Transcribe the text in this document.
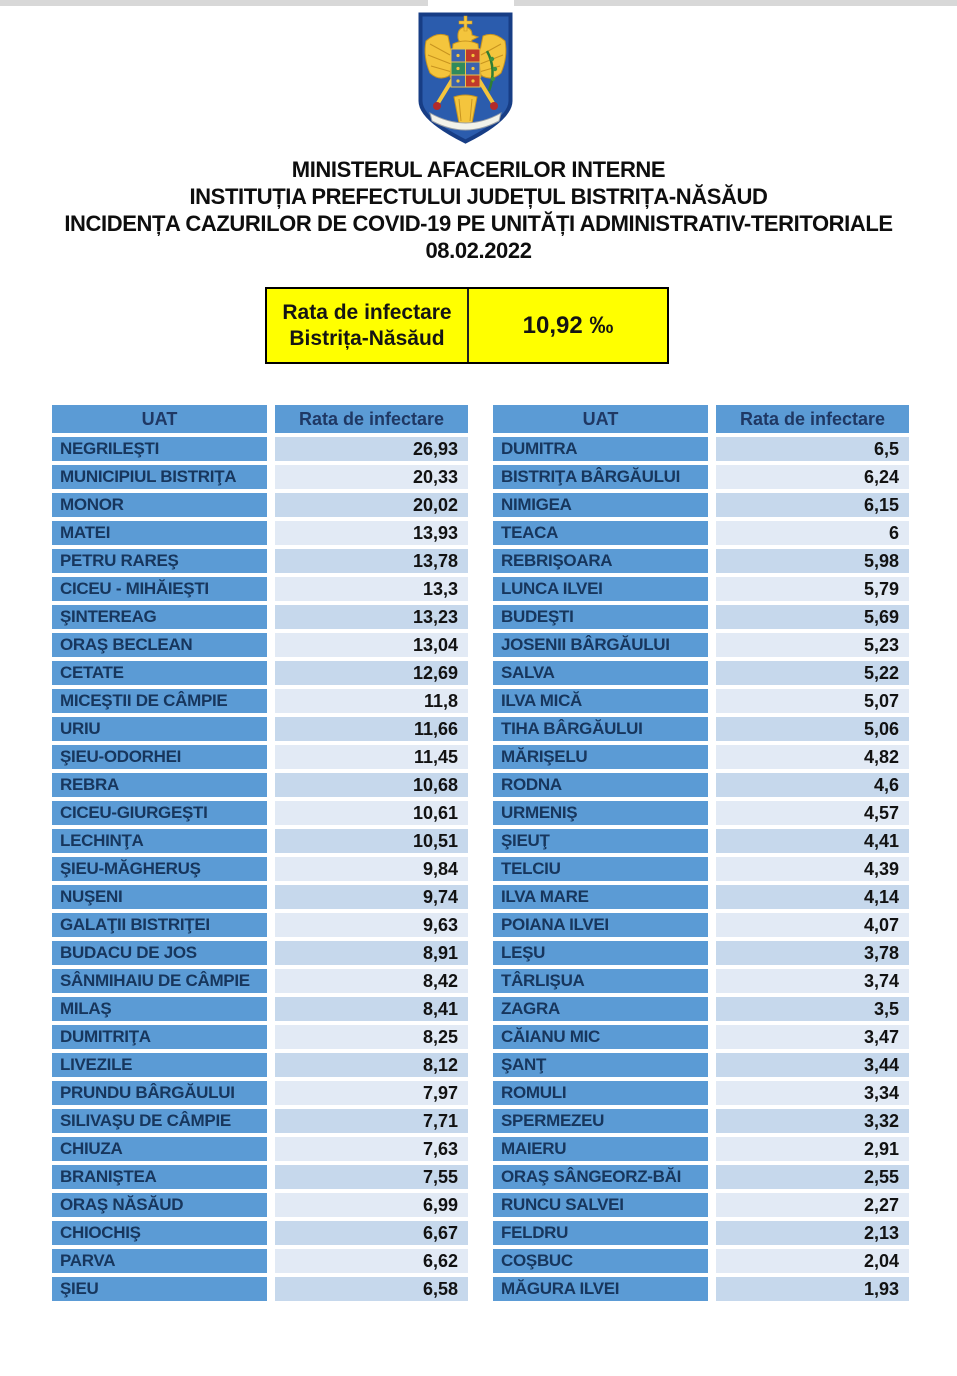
MINISTERUL AFACERILOR INTERNE
INSTITUȚIA PREFECTULUI JUDEȚUL BISTRIȚA-NĂSĂUD
INCIDENȚA CAZURILOR DE COVID-19 PE UNITĂȚI ADMINISTRATIV-TERITORIALE
08.02.2022
Rata de infectare
Bistrița-Năsăud	10,92 ‰
UAT	Rata de infectare
NEGRILEŞTI	26,93
MUNICIPIUL BISTRIŢA	20,33
MONOR	20,02
MATEI	13,93
PETRU RAREŞ	13,78
CICEU - MIHĂIEŞTI	13,3
ŞINTEREAG	13,23
ORAŞ BECLEAN	13,04
CETATE	12,69
MICEŞTII DE CÂMPIE	11,8
URIU	11,66
ŞIEU-ODORHEI	11,45
REBRA	10,68
CICEU-GIURGEŞTI	10,61
LECHINŢA	10,51
ŞIEU-MĂGHERUŞ	9,84
NUŞENI	9,74
GALAŢII BISTRIŢEI	9,63
BUDACU DE JOS	8,91
SÂNMIHAIU DE CÂMPIE	8,42
MILAŞ	8,41
DUMITRIŢA	8,25
LIVEZILE	8,12
PRUNDU BÂRGĂULUI	7,97
SILIVAŞU DE CÂMPIE	7,71
CHIUZA	7,63
BRANIŞTEA	7,55
ORAŞ NĂSĂUD	6,99
CHIOCHIŞ	6,67
PARVA	6,62
ŞIEU	6,58
UAT	Rata de infectare
DUMITRA	6,5
BISTRIŢA BÂRGĂULUI	6,24
NIMIGEA	6,15
TEACA	6
REBRIŞOARA	5,98
LUNCA ILVEI	5,79
BUDEŞTI	5,69
JOSENII BÂRGĂULUI	5,23
SALVA	5,22
ILVA MICĂ	5,07
TIHA BÂRGĂULUI	5,06
MĂRIŞELU	4,82
RODNA	4,6
URMENIŞ	4,57
ŞIEUŢ	4,41
TELCIU	4,39
ILVA MARE	4,14
POIANA ILVEI	4,07
LEŞU	3,78
TÂRLIŞUA	3,74
ZAGRA	3,5
CĂIANU MIC	3,47
ŞANŢ	3,44
ROMULI	3,34
SPERMEZEU	3,32
MAIERU	2,91
ORAŞ SÂNGEORZ-BĂI	2,55
RUNCU SALVEI	2,27
FELDRU	2,13
COŞBUC	2,04
MĂGURA ILVEI	1,93
